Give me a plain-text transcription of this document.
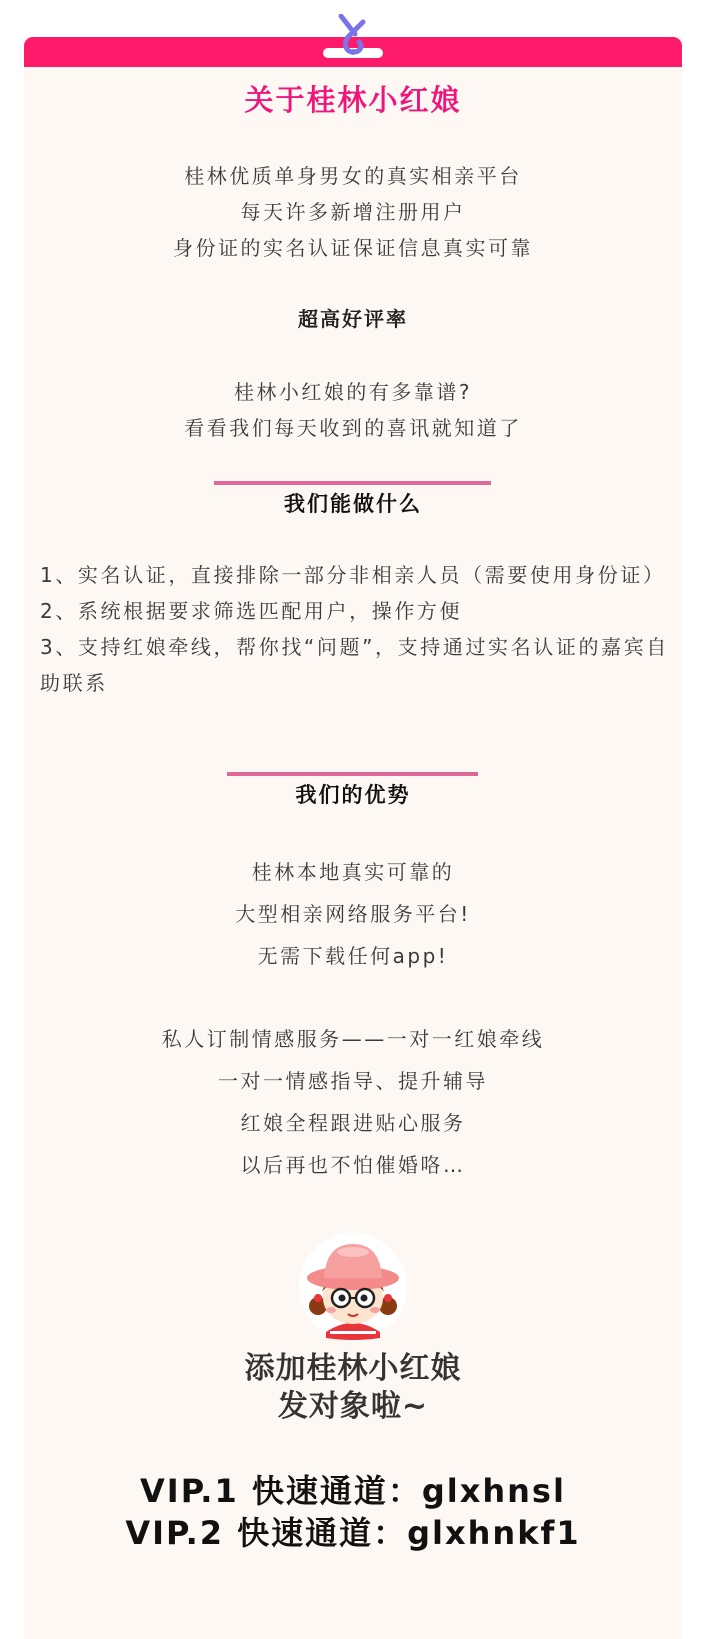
关于桂林小红娘
桂林优质单身男女的真实相亲平台
每天许多新增注册用户
身份证的实名认证保证信息真实可靠
超高好评率
桂林小红娘的有多靠谱?
看看我们每天收到的喜讯就知道了
我们能做什么

1、实名认证，直接排除一部分非相亲人员（需要使用身份证）

2、系统根据要求筛选匹配用户，操作方便

3、支持红娘牵线，帮你找“问题”，支持通过实名认证的嘉宾自助联系

我们的优势
桂林本地真实可靠的
大型相亲网络服务平台!
无需下载任何app!
私人订制情感服务——一对一红娘牵线
一对一情感指导、提升辅导
红娘全程跟进贴心服务
以后再也不怕催婚咯…
添加桂林小红娘
发对象啦~
VIP.1 快速通道：glxhnsl
VIP.2 快速通道：glxhnkf1
